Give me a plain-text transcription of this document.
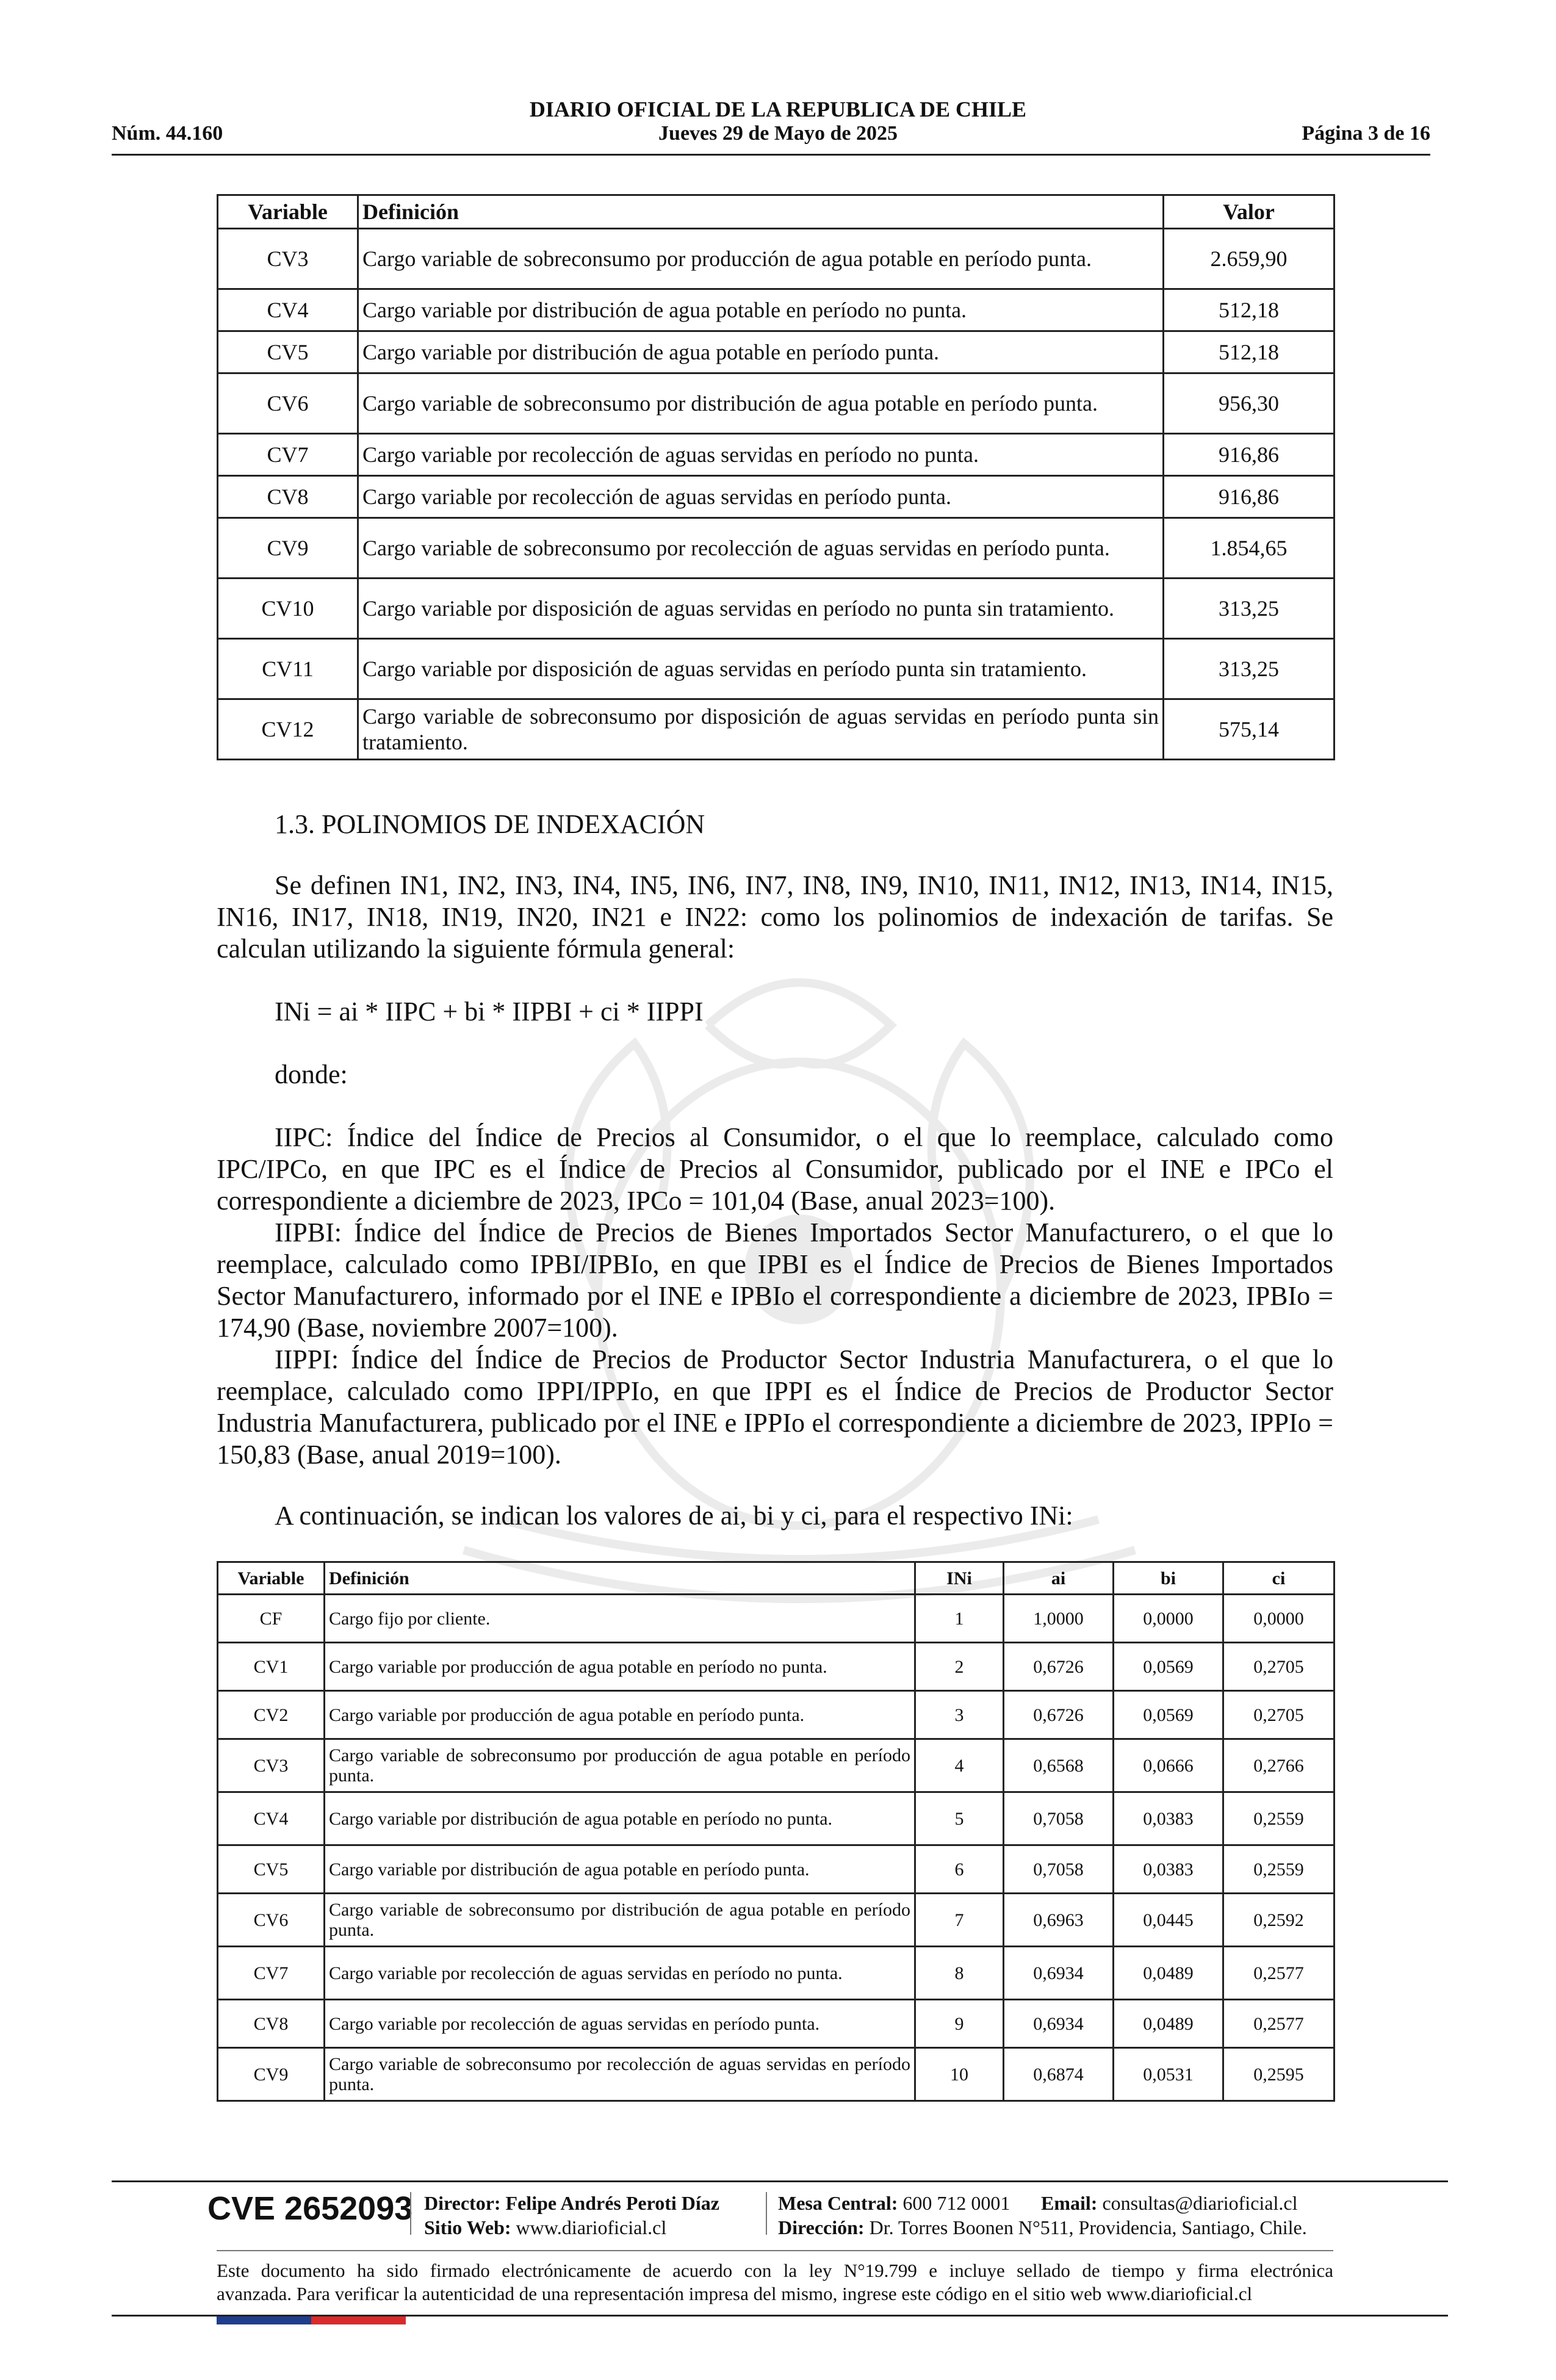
Núm. 44.160
DIARIO OFICIAL DE LA REPUBLICA DE CHILE
Jueves 29 de Mayo de 2025	Página 3 de 16
Variable	Definición	Valor
CV3	Cargo variable de sobreconsumo por producción de agua potable en período punta.	2.659,90
CV4	Cargo variable por distribución de agua potable en período no punta.	512,18
CV5	Cargo variable por distribución de agua potable en período punta.	512,18
CV6	Cargo variable de sobreconsumo por distribución de agua potable en período punta.	956,30
CV7	Cargo variable por recolección de aguas servidas en período no punta.	916,86
CV8	Cargo variable por recolección de aguas servidas en período punta.	916,86
CV9	Cargo variable de sobreconsumo por recolección de aguas servidas en período punta.	1.854,65
CV10	Cargo variable por disposición de aguas servidas en período no punta sin tratamiento.	313,25
CV11	Cargo variable por disposición de aguas servidas en período punta sin tratamiento.	313,25
CV12	Cargo variable de sobreconsumo por disposición de aguas servidas en período punta sin tratamiento.	575,14
1.3. POLINOMIOS DE INDEXACIÓN

Se definen IN1, IN2, IN3, IN4, IN5, IN6, IN7, IN8, IN9, IN10, IN11, IN12, IN13, IN14, IN15, IN16, IN17, IN18, IN19, IN20, IN21 e IN22: como los polinomios de indexación de tarifas. Se calculan utilizando la siguiente fórmula general:

INi = ai * IIPC + bi * IIPBI + ci * IIPPI
donde:

IIPC: Índice del Índice de Precios al Consumidor, o el que lo reemplace, calculado como IPC/IPCo, en que IPC es el Índice de Precios al Consumidor, publicado por el INE e IPCo el correspondiente a diciembre de 2023, IPCo = 101,04 (Base, anual 2023=100).

IIPBI: Índice del Índice de Precios de Bienes Importados Sector Manufacturero, o el que lo reemplace, calculado como IPBI/IPBIo, en que IPBI es el Índice de Precios de Bienes Importados Sector Manufacturero, informado por el INE e IPBIo el correspondiente a diciembre de 2023, IPBIo = 174,90 (Base, noviembre 2007=100).

IIPPI: Índice del Índice de Precios de Productor Sector Industria Manufacturera, o el que lo reemplace, calculado como IPPI/IPPIo, en que IPPI es el Índice de Precios de Productor Sector Industria Manufacturera, publicado por el INE e IPPIo el correspondiente a diciembre de 2023, IPPIo = 150,83 (Base, anual 2019=100).

A continuación, se indican los valores de ai, bi y ci, para el respectivo INi:
Variable	Definición	INi	ai	bi	ci
CF	Cargo fijo por cliente.	1	1,0000	0,0000	0,0000
CV1	Cargo variable por producción de agua potable en período no punta.	2	0,6726	0,0569	0,2705
CV2	Cargo variable por producción de agua potable en período punta.	3	0,6726	0,0569	0,2705
CV3	Cargo variable de sobreconsumo por producción de agua potable en período punta.	4	0,6568	0,0666	0,2766
CV4	Cargo variable por distribución de agua potable en período no punta.	5	0,7058	0,0383	0,2559
CV5	Cargo variable por distribución de agua potable en período punta.	6	0,7058	0,0383	0,2559
CV6	Cargo variable de sobreconsumo por distribución de agua potable en período punta.	7	0,6963	0,0445	0,2592
CV7	Cargo variable por recolección de aguas servidas en período no punta.	8	0,6934	0,0489	0,2577
CV8	Cargo variable por recolección de aguas servidas en período punta.	9	0,6934	0,0489	0,2577
CV9	Cargo variable de sobreconsumo por recolección de aguas servidas en período punta.	10	0,6874	0,0531	0,2595
CVE 2652093 Director: Felipe Andrés Peroti Díaz
Sitio Web: www.diarioficial.cl
Mesa Central: 600 712 0001
Dirección: Dr. Torres Boonen N°511, Providencia, Santiago, Chile.
Email: consultas@diarioficial.cl
Este documento ha sido firmado electrónicamente de acuerdo con la ley N°19.799 e incluye sellado de tiempo y firma electrónica
avanzada. Para verificar la autenticidad de una representación impresa del mismo, ingrese este código en el sitio web www.diarioficial.cl
